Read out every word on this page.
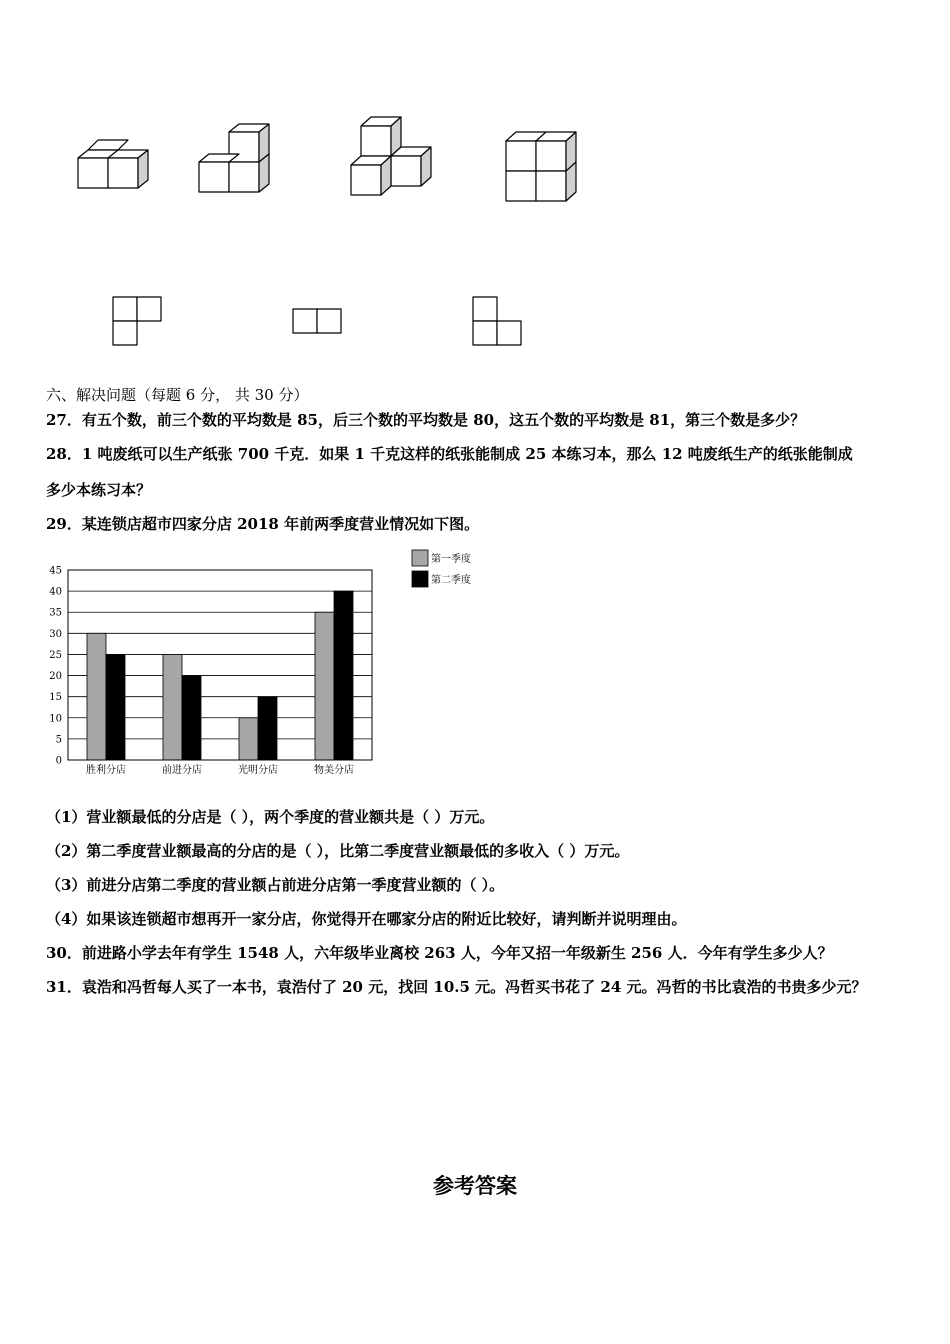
六、解决问题（每题 6 分， 共 30 分）
27．有五个数，前三个数的平均数是 85，后三个数的平均数是 80，这五个数的平均数是 81，第三个数是多少？
28．1 吨废纸可以生产纸张 700 千克．如果 1 千克这样的纸张能制成 25 本练习本，那么 12 吨废纸生产的纸张能制成
多少本练习本？
29．某连锁店超市四家分店 2018 年前两季度营业情况如下图。
0
5
10
15
20
25
30
35
40
45
胜利分店	前进分店	光明分店	物美分店
第一季度
第二季度
（1）营业额最低的分店是（ ），两个季度的营业额共是（ ）万元。
（2）第二季度营业额最高的分店的是（ ），比第二季度营业额最低的多收入（ ）万元。
（3）前进分店第二季度的营业额占前进分店第一季度营业额的（ ）。
（4）如果该连锁超市想再开一家分店，你觉得开在哪家分店的附近比较好，请判断并说明理由。
30．前进路小学去年有学生 1548 人，六年级毕业离校 263 人，今年又招一年级新生 256 人．今年有学生多少人？
31．袁浩和冯哲每人买了一本书，袁浩付了 20 元，找回 10.5 元。冯哲买书花了 24 元。冯哲的书比袁浩的书贵多少元？
参考答案
